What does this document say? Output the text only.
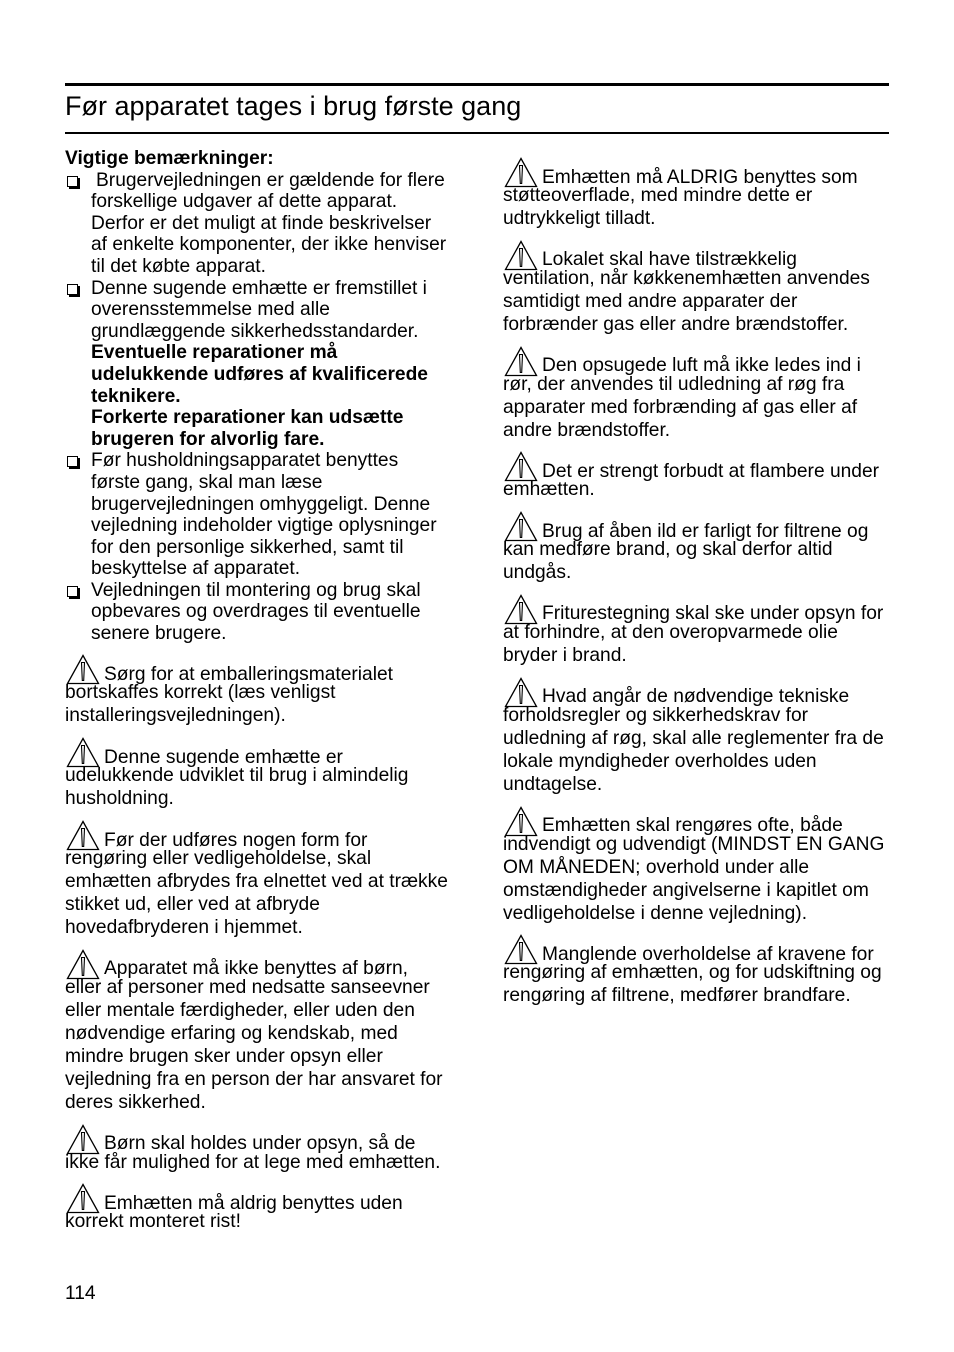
Før apparatet tages i brug første gang
Vigtige bemærkninger:
Brugervejledningen er gældende for flere
forskellige udgaver af dette apparat.
Derfor er det muligt at finde beskrivelser
af enkelte komponenter, der ikke henviser
til det købte apparat.
Denne sugende emhætte er fremstillet i
overensstemmelse med alle
grundlæggende sikkerhedsstandarder.
Eventuelle reparationer må
udelukkende udføres af kvalificerede
teknikere.
Forkerte reparationer kan udsætte
brugeren for alvorlig fare.
Før husholdningsapparatet benyttes
første gang, skal man læse
brugervejledningen omhyggeligt. Denne
vejledning indeholder vigtige oplysninger
for den personlige sikkerhed, samt til
beskyttelse af apparatet.
Vejledningen til montering og brug skal
opbevares og overdrages til eventuelle
senere brugere.
Sørg for at emballeringsmaterialet
bortskaffes korrekt (læs venligst
installeringsvejledningen).
Denne sugende emhætte er
udelukkende udviklet til brug i almindelig
husholdning.
Før der udføres nogen form for
rengøring eller vedligeholdelse, skal
emhætten afbrydes fra elnettet ved at trække
stikket ud, eller ved at afbryde
hovedafbryderen i hjemmet.
Apparatet må ikke benyttes af børn,
eller af personer med nedsatte sanseevner
eller mentale færdigheder, eller uden den
nødvendige erfaring og kendskab, med
mindre brugen sker under opsyn eller
vejledning fra en person der har ansvaret for
deres sikkerhed.
Børn skal holdes under opsyn, så de
ikke får mulighed for at lege med emhætten.
Emhætten må aldrig benyttes uden
korrekt monteret rist!
Emhætten må ALDRIG benyttes som
støtteoverflade, med mindre dette er
udtrykkeligt tilladt.
Lokalet skal have tilstrækkelig
ventilation, når køkkenemhætten anvendes
samtidigt med andre apparater der
forbrænder gas eller andre brændstoffer.
Den opsugede luft må ikke ledes ind i
rør, der anvendes til udledning af røg fra
apparater med forbrænding af gas eller af
andre brændstoffer.
Det er strengt forbudt at flambere under
emhætten.
Brug af åben ild er farligt for filtrene og
kan medføre brand, og skal derfor altid
undgås.
Friturestegning skal ske under opsyn for
at forhindre, at den overopvarmede olie
bryder i brand.
Hvad angår de nødvendige tekniske
forholdsregler og sikkerhedskrav for
udledning af røg, skal alle reglementer fra de
lokale myndigheder overholdes uden
undtagelse.
Emhætten skal rengøres ofte, både
indvendigt og udvendigt (MINDST EN GANG
OM MÅNEDEN; overhold under alle
omstændigheder angivelserne i kapitlet om
vedligeholdelse i denne vejledning).
Manglende overholdelse af kravene for
rengøring af emhætten, og for udskiftning og
rengøring af filtrene, medfører brandfare.
114
